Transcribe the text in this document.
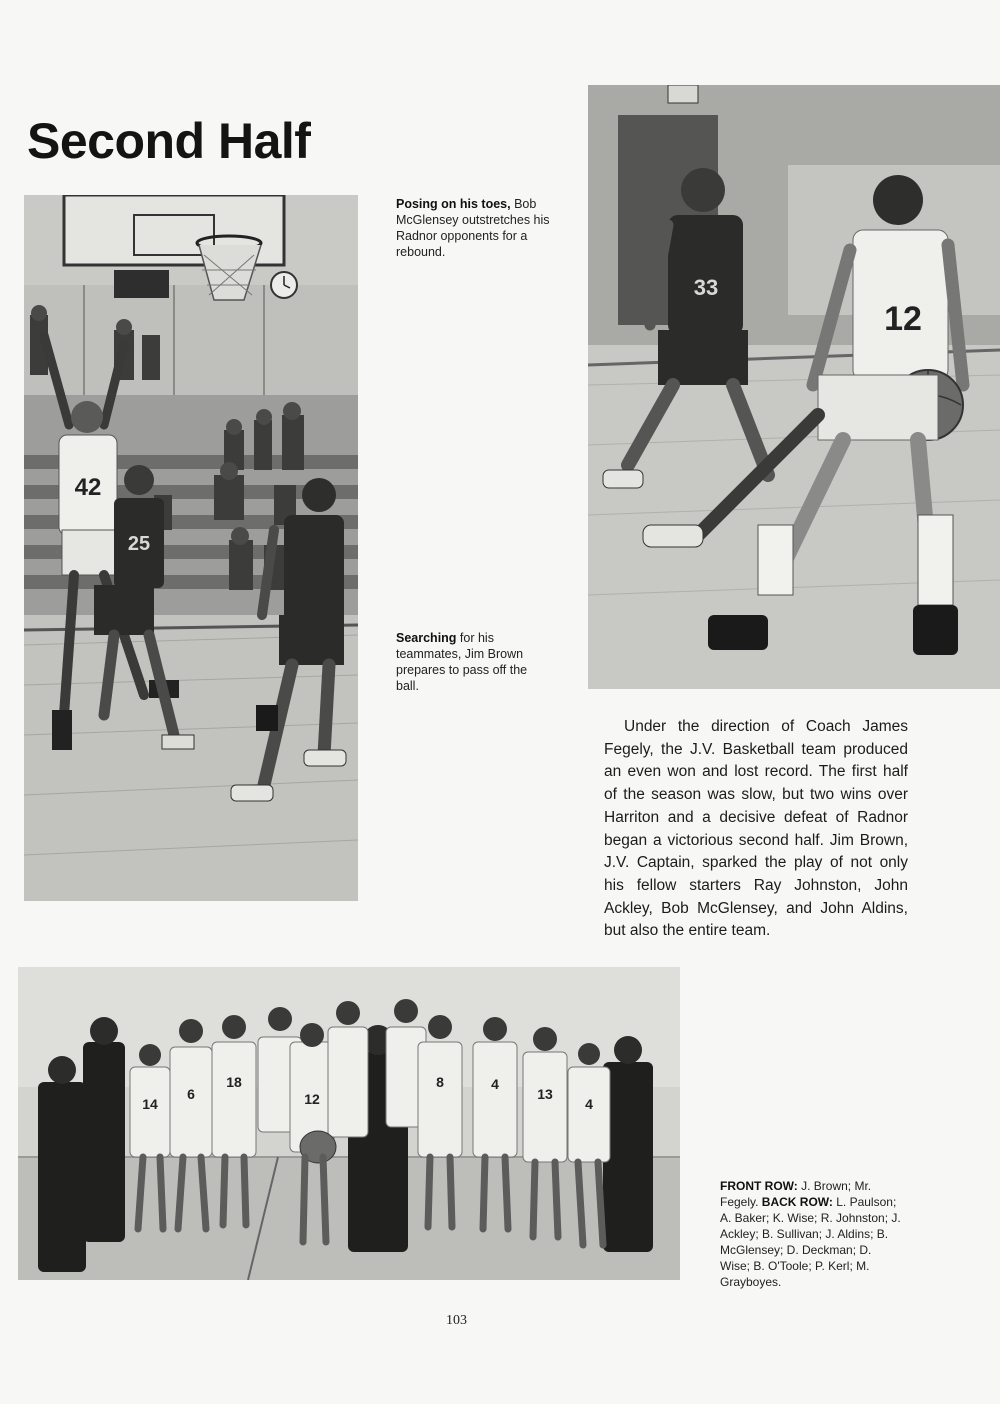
Second Half
42
25
Posing on his toes, Bob McGlensey outstretches his Radnor opponents for a rebound.
Searching for his teammates, Jim Brown prepares to pass off the ball.
33
12
Under the direction of Coach James Fegely, the J.V. Basketball team produced an even won and lost record. The first half of the season was slow, but two wins over Harriton and a decisive defeat of Radnor began a victorious second half. Jim Brown, J.V. Captain, sparked the play of not only his fellow starters Ray Johnston, John Ackley, Bob McGlensey, and John Aldins, but also the entire team.
14
6
18
12
8	4
13
4
FRONT ROW: J. Brown; Mr. Fegely. BACK ROW: L. Paulson; A. Baker; K. Wise; R. Johnston; J. Ackley; B. Sullivan; J. Aldins; B. McGlensey; D. Deckman; D. Wise; B. O'Toole; P. Kerl; M. Grayboyes.
103
